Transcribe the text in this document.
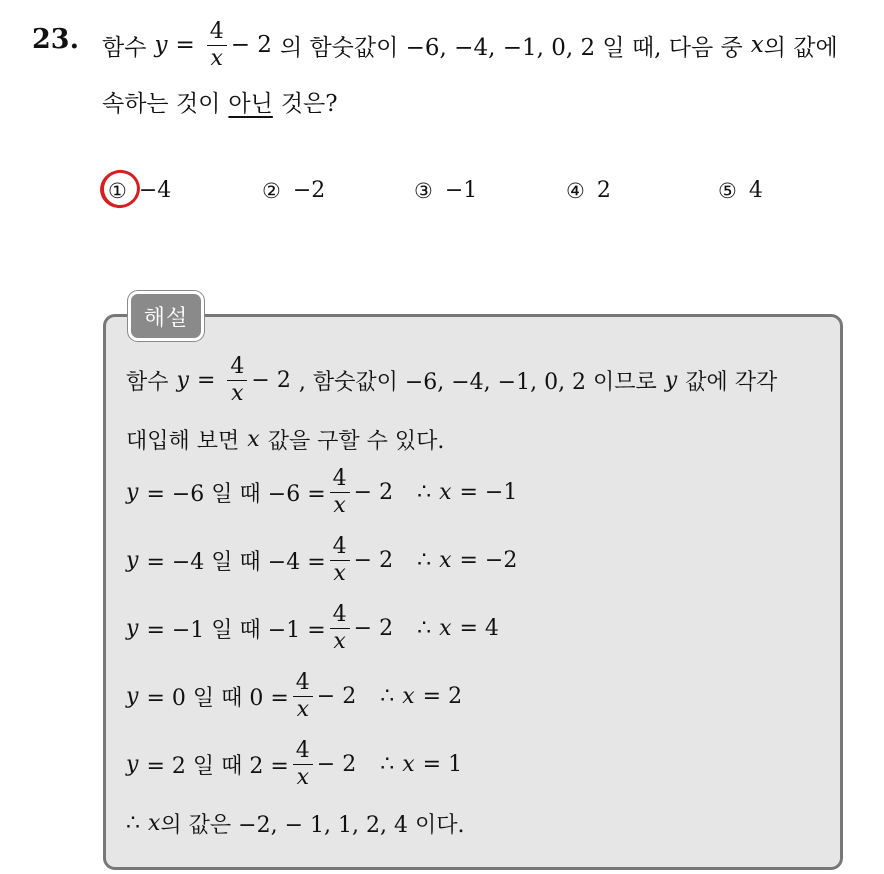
23. 함수 $y = \frac{4}{x} - 2$ 의 함숫값이 −6, −4, −1, 0, 2 일 때, 다음 중 x 의 값에
속하는 것이 아닌 것은?
① −4	② −2	③ −1	④ 2	⑤ 4
해설
함수 $y = \frac{4}{x} - 2$ , 함숫값이 −6, −4, −1, 0, 2 이므로 y 값에 각각
대입해 보면 x 값을 구할 수 있다.
y = −6 일 때 $-6 = \frac{4}{x} - 2$ ∴ x = −1
y = −4 일 때 $-4 = \frac{4}{x} - 2$ ∴ x = −2
y = −1 일 때 $-1 = \frac{4}{x} - 2$ ∴ x = 4
y = 0 일 때 $0 = \frac{4}{x} - 2$ ∴ x = 2
y = 2 일 때 $2 = \frac{4}{x} - 2$ ∴ x = 1
∴ x 의 값은 −2, − 1, 1, 2, 4 이다.
